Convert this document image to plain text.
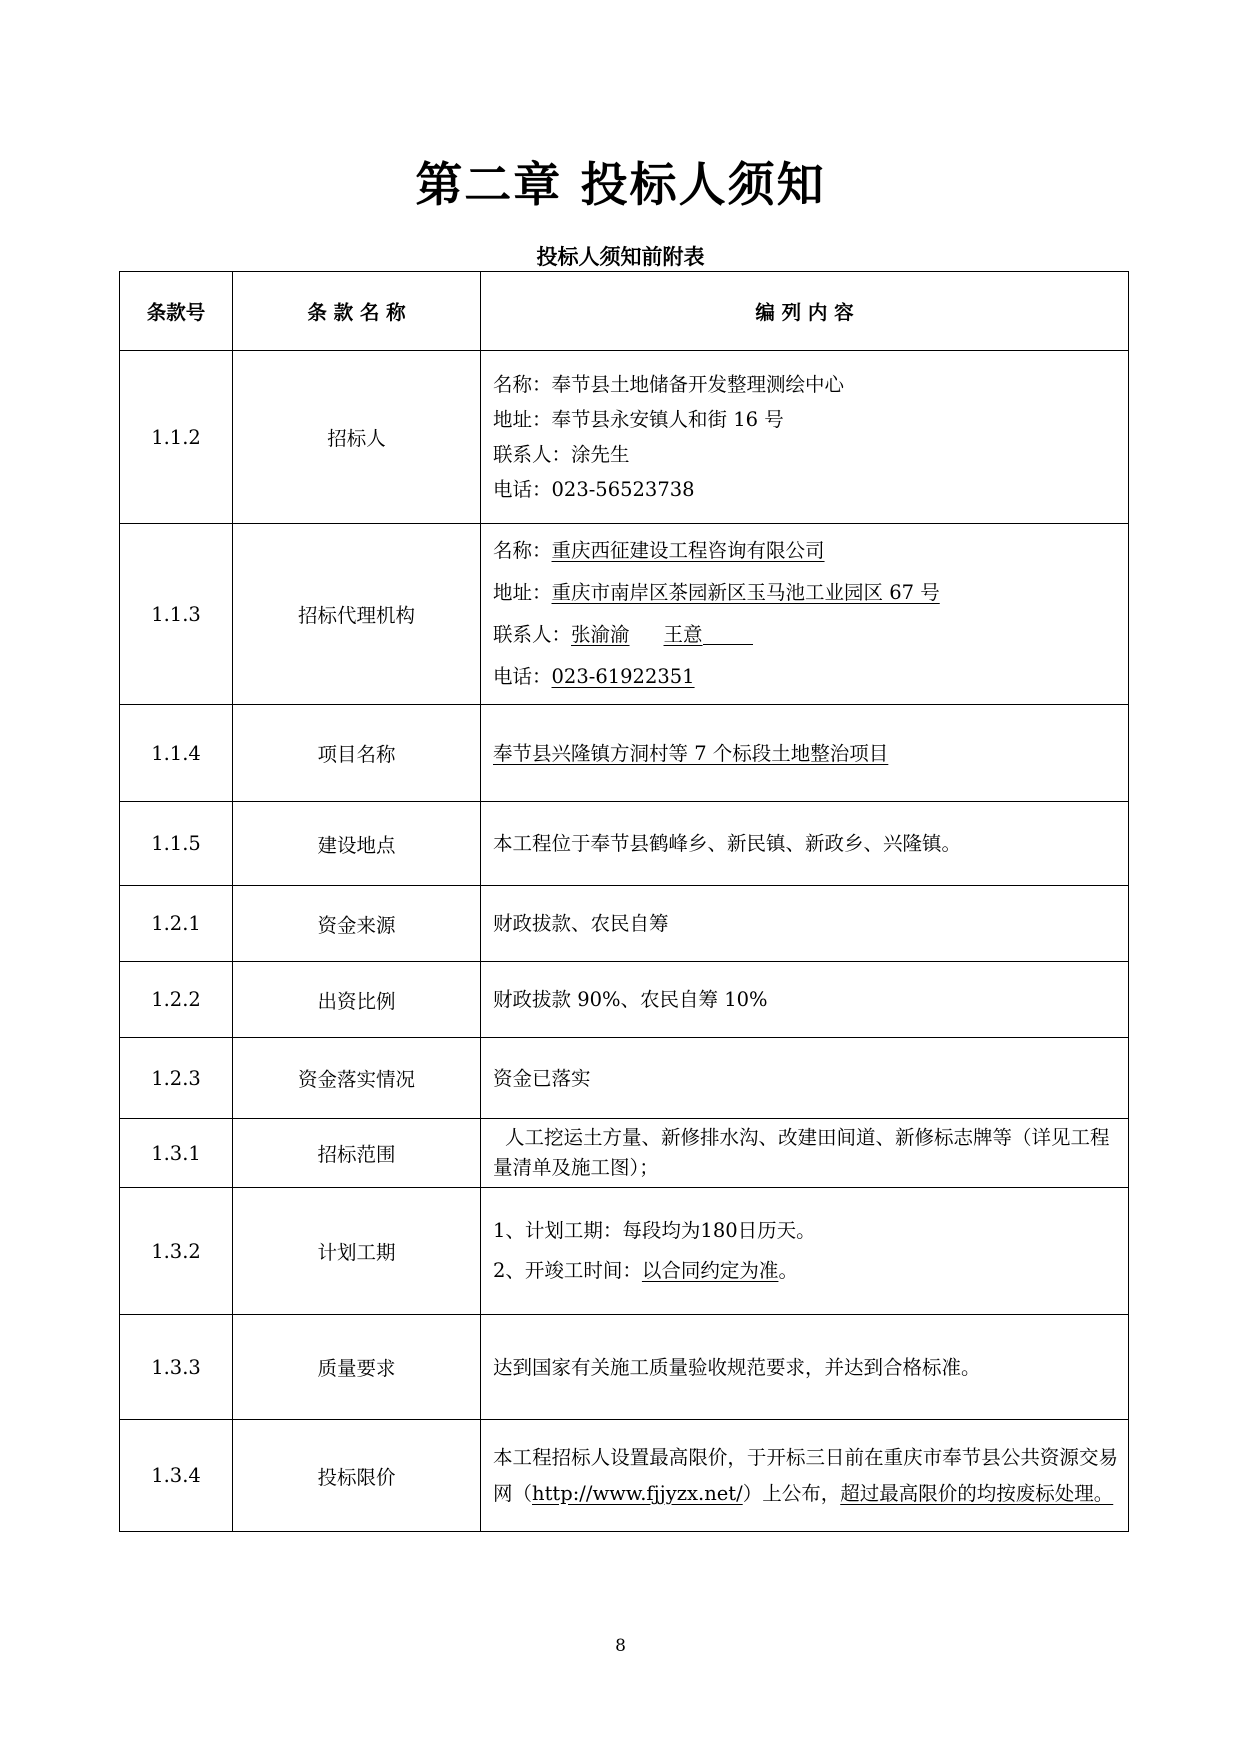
第二章 投标人须知
投标人须知前附表
条款号	条 款 名 称	编 列 内 容
1.1.2	招标人	名称：奉节县土地储备开发整理测绘中心
地址：奉节县永安镇人和街 16 号
联系人：涂先生
电话：023-56523738

1.1.3	招标代理机构	名称：重庆西征建设工程咨询有限公司
地址：重庆市南岸区茶园新区玉马池工业园区 67 号
联系人：张渝渝 王意
电话：023-61922351

1.1.4	项目名称	奉节县兴隆镇方洞村等 7 个标段土地整治项目
1.1.5	建设地点	本工程位于奉节县鹤峰乡、新民镇、新政乡、兴隆镇。
1.2.1	资金来源	财政拔款、农民自筹
1.2.2	出资比例	财政拔款 90%、农民自筹 10%
1.2.3	资金落实情况	资金已落实
1.3.1	招标范围	人工挖运土方量、新修排水沟、改建田间道、新修标志牌等（详见工程量清单及施工图）；
1.3.2	计划工期	1、计划工期：每段均为180日历天。
2、开竣工时间：以合同约定为准。

1.3.3	质量要求	达到国家有关施工质量验收规范要求，并达到合格标准。
1.3.4	投标限价	本工程招标人设置最高限价，于开标三日前在重庆市奉节县公共资源交易网（http://www.fjjyzx.net/）上公布，超过最高限价的均按废标处理。
8
